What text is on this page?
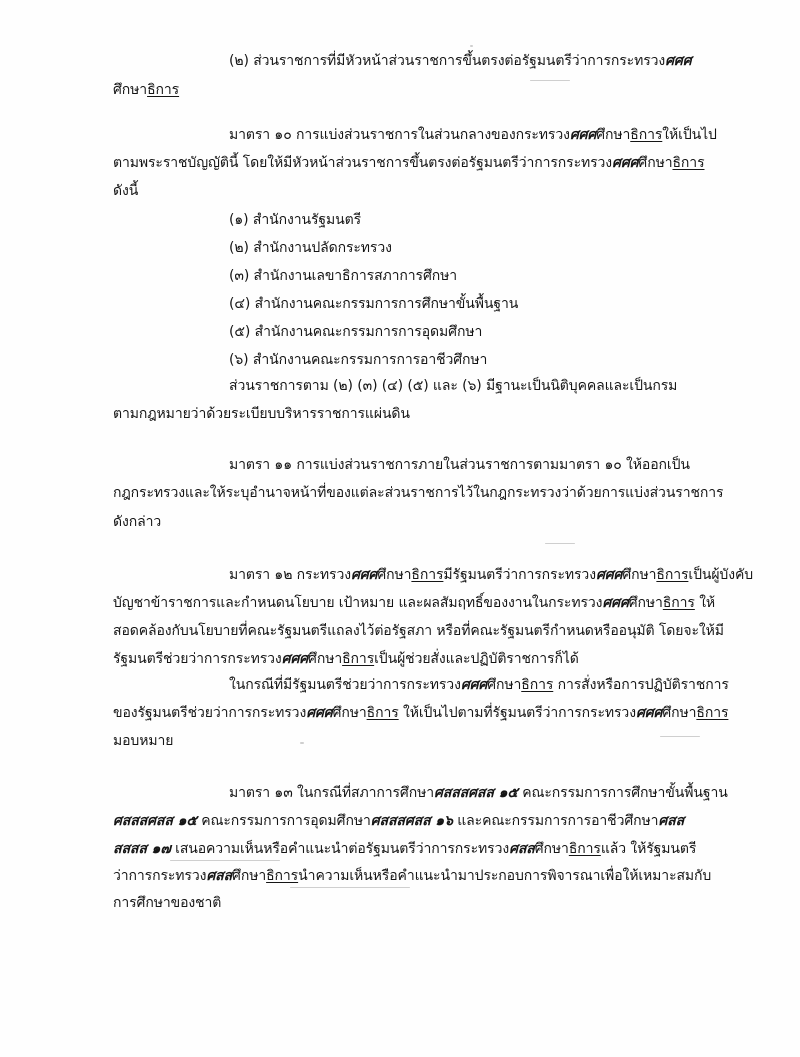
(๒) ส่วนราชการที่มีหัวหน้าส่วนราชการขึ้นตรงต่อรัฐมนตรีว่าการกระทรวงศศศ
ศึกษาธิการ
มาตรา ๑๐ การแบ่งส่วนราชการในส่วนกลางของกระทรวงศศศศึกษาธิการให้เป็นไป
ตามพระราชบัญญัตินี้ โดยให้มีหัวหน้าส่วนราชการขึ้นตรงต่อรัฐมนตรีว่าการกระทรวงศศศศึกษาธิการ
ดังนี้
(๑) สำนักงานรัฐมนตรี
(๒) สำนักงานปลัดกระทรวง
(๓) สำนักงานเลขาธิการสภาการศึกษา
(๔) สำนักงานคณะกรรมการการศึกษาขั้นพื้นฐาน
(๕) สำนักงานคณะกรรมการการอุดมศึกษา
(๖) สำนักงานคณะกรรมการการอาชีวศึกษา
ส่วนราชการตาม (๒) (๓) (๔) (๕) และ (๖) มีฐานะเป็นนิติบุคคลและเป็นกรม
ตามกฎหมายว่าด้วยระเบียบบริหารราชการแผ่นดิน
มาตรา ๑๑ การแบ่งส่วนราชการภายในส่วนราชการตามมาตรา ๑๐ ให้ออกเป็น
กฎกระทรวงและให้ระบุอำนาจหน้าที่ของแต่ละส่วนราชการไว้ในกฎกระทรวงว่าด้วยการแบ่งส่วนราชการ
ดังกล่าว
มาตรา ๑๒ กระทรวงศศศศึกษาธิการมีรัฐมนตรีว่าการกระทรวงศศศศึกษาธิการเป็นผู้บังคับ
บัญชาข้าราชการและกำหนดนโยบาย เป้าหมาย และผลสัมฤทธิ์ของงานในกระทรวงศศศศึกษาธิการ ให้
สอดคล้องกับนโยบายที่คณะรัฐมนตรีแถลงไว้ต่อรัฐสภา หรือที่คณะรัฐมนตรีกำหนดหรืออนุมัติ โดยจะให้มี
รัฐมนตรีช่วยว่าการกระทรวงศศศศึกษาธิการเป็นผู้ช่วยสั่งและปฏิบัติราชการก็ได้
ในกรณีที่มีรัฐมนตรีช่วยว่าการกระทรวงศศศศึกษาธิการ การสั่งหรือการปฏิบัติราชการ
ของรัฐมนตรีช่วยว่าการกระทรวงศศศศึกษาธิการ ให้เป็นไปตามที่รัฐมนตรีว่าการกระทรวงศศศศึกษาธิการ
มอบหมาย
มาตรา ๑๓ ในกรณีที่สภาการศึกษาศสสสศสส ๑๕ คณะกรรมการการศึกษาขั้นพื้นฐาน
ศสสสศสส ๑๕ คณะกรรมการการอุดมศึกษาศสสสศสส ๑๖ และคณะกรรมการการอาชีวศึกษาศสส
สสสส ๑๗ เสนอความเห็นหรือคำแนะนำต่อรัฐมนตรีว่าการกระทรวงศสสศึกษาธิการแล้ว ให้รัฐมนตรี
ว่าการกระทรวงศสสศึกษาธิการนำความเห็นหรือคำแนะนำมาประกอบการพิจารณาเพื่อให้เหมาะสมกับ
การศึกษาของชาติ
